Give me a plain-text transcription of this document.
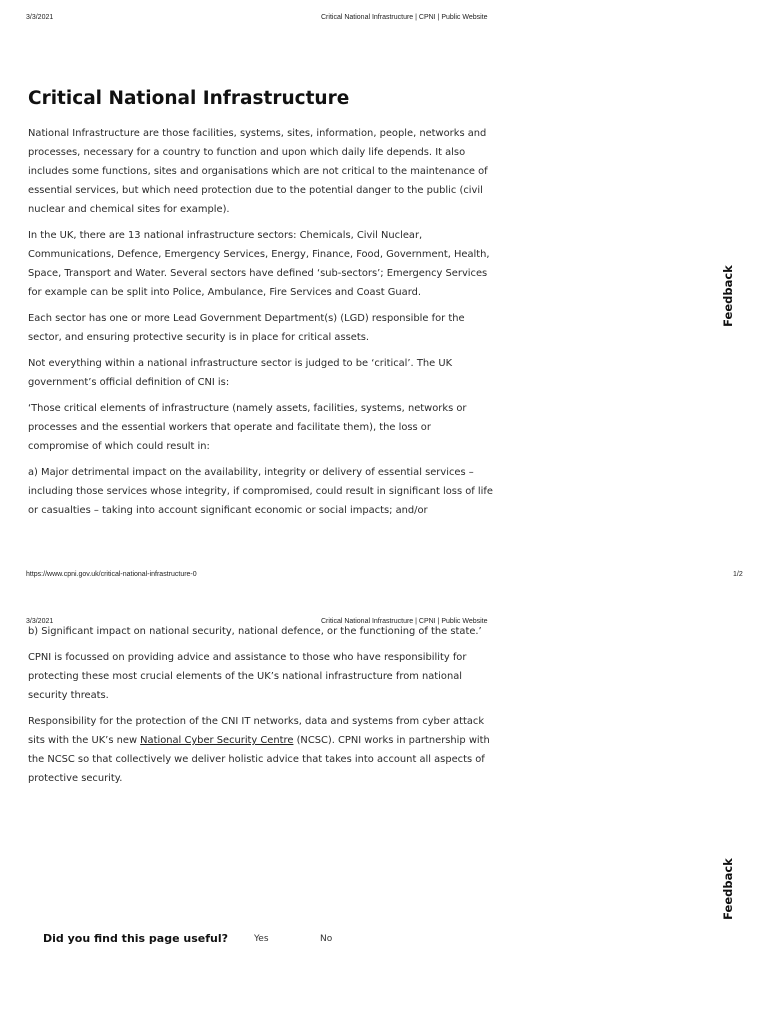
3/3/2021	Critical National Infrastructure | CPNI | Public Website
Critical National Infrastructure

National Infrastructure are those facilities, systems, sites, information, people, networks and processes, necessary for a country to function and upon which daily life depends. It also includes some functions, sites and organisations which are not critical to the maintenance of essential services, but which need protection due to the potential danger to the public (civil nuclear and chemical sites for example).

In the UK, there are 13 national infrastructure sectors: Chemicals, Civil Nuclear, Communications, Defence, Emergency Services, Energy, Finance, Food, Government, Health, Space, Transport and Water. Several sectors have defined ‘sub-sectors’; Emergency Services for example can be split into Police, Ambulance, Fire Services and Coast Guard.

Each sector has one or more Lead Government Department(s) (LGD) responsible for the sector, and ensuring protective security is in place for critical assets.

Not everything within a national infrastructure sector is judged to be ‘critical’. The UK government’s official definition of CNI is:

‘Those critical elements of infrastructure (namely assets, facilities, systems, networks or processes and the essential workers that operate and facilitate them), the loss or compromise of which could result in:

a) Major detrimental impact on the availability, integrity or delivery of essential services – including those services whose integrity, if compromised, could result in significant loss of life or casualties – taking into account significant economic or social impacts; and/or

Feedback
https://www.cpni.gov.uk/critical-national-infrastructure-0	1/2
3/3/2021	Critical National Infrastructure | CPNI | Public Website

b) Significant impact on national security, national defence, or the functioning of the state.’

CPNI is focussed on providing advice and assistance to those who have responsibility for protecting these most crucial elements of the UK’s national infrastructure from national security threats.

Responsibility for the protection of the CNI IT networks, data and systems from cyber attack sits with the UK’s new National Cyber Security Centre (NCSC). CPNI works in partnership with the NCSC so that collectively we deliver holistic advice that takes into account all aspects of protective security.

Feedback
Did you find this page useful?	Yes	No
